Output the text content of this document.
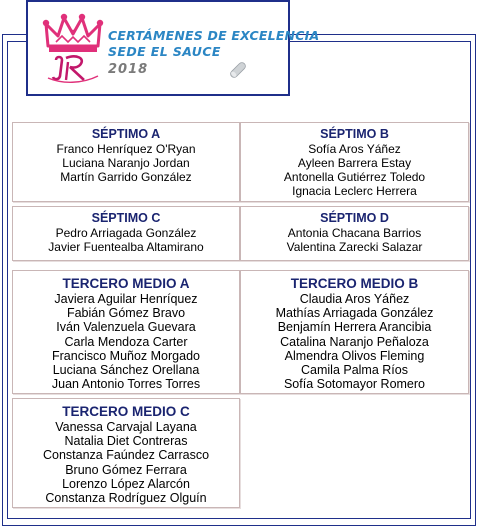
CERTÁMENES DE EXCELENCIA
SEDE EL SAUCE
2018
SÉPTIMO A
Franco Henríquez O'Ryan
Luciana Naranjo Jordan
Martín Garrido González
SÉPTIMO B
Sofía Aros Yáñez
Ayleen Barrera Estay
Antonella Gutiérrez Toledo
Ignacia Leclerc Herrera
SÉPTIMO C
Pedro Arriagada González
Javier Fuentealba Altamirano
SÉPTIMO D
Antonia Chacana Barrios
Valentina Zarecki Salazar
TERCERO MEDIO A
Javiera Aguilar Henríquez
Fabián Gómez Bravo
Iván Valenzuela Guevara
Carla Mendoza Carter
Francisco Muñoz Morgado
Luciana Sánchez Orellana
Juan Antonio Torres Torres
TERCERO MEDIO B
Claudia Aros Yáñez
Mathías Arriagada González
Benjamín Herrera Arancibia
Catalina Naranjo Peñaloza
Almendra Olivos Fleming
Camila Palma Ríos
Sofía Sotomayor Romero
TERCERO MEDIO C
Vanessa Carvajal Layana
Natalia Diet Contreras
Constanza Faúndez Carrasco
Bruno Gómez Ferrara
Lorenzo López Alarcón
Constanza Rodríguez Olguín
